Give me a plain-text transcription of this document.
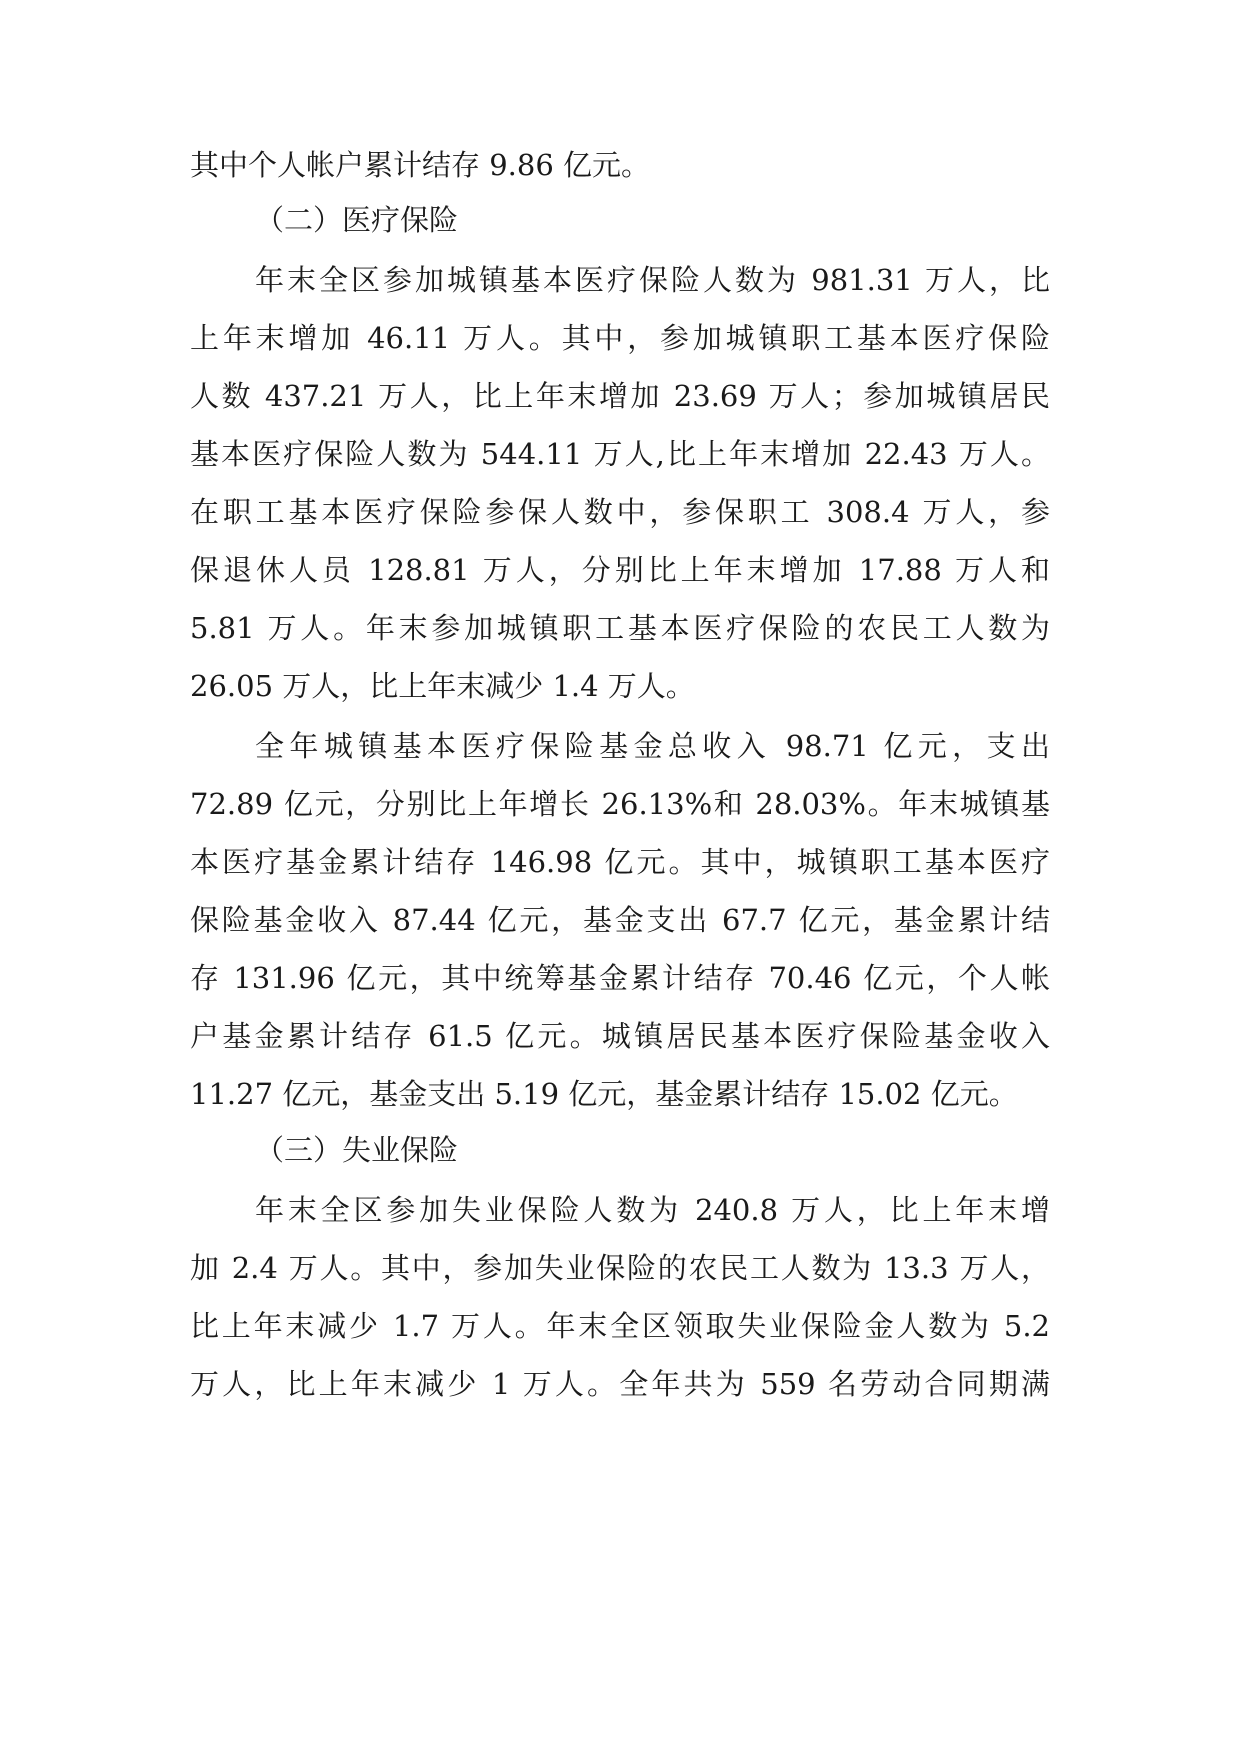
其中个人帐户累计结存 9.86 亿元。

（二）医疗保险

年末全区参加城镇基本医疗保险人数为 981.31 万人，比

上年末增加 46.11 万人。其中，参加城镇职工基本医疗保险

人数 437.21 万人，比上年末增加 23.69 万人；参加城镇居民

基本医疗保险人数为 544.11 万人,比上年末增加 22.43 万人。

在职工基本医疗保险参保人数中，参保职工 308.4 万人，参

保退休人员 128.81 万人，分别比上年末增加 17.88 万人和

5.81 万人。年末参加城镇职工基本医疗保险的农民工人数为

26.05 万人，比上年末减少 1.4 万人。

全年城镇基本医疗保险基金总收入 98.71 亿元，支出

72.89 亿元，分别比上年增长 26.13%和 28.03%。年末城镇基

本医疗基金累计结存 146.98 亿元。其中，城镇职工基本医疗

保险基金收入 87.44 亿元，基金支出 67.7 亿元，基金累计结

存 131.96 亿元，其中统筹基金累计结存 70.46 亿元，个人帐

户基金累计结存 61.5 亿元。城镇居民基本医疗保险基金收入

11.27 亿元，基金支出 5.19 亿元，基金累计结存 15.02 亿元。

（三）失业保险

年末全区参加失业保险人数为 240.8 万人，比上年末增

加 2.4 万人。其中，参加失业保险的农民工人数为 13.3 万人，

比上年末减少 1.7 万人。年末全区领取失业保险金人数为 5.2

万人，比上年末减少 1 万人。全年共为 559 名劳动合同期满
